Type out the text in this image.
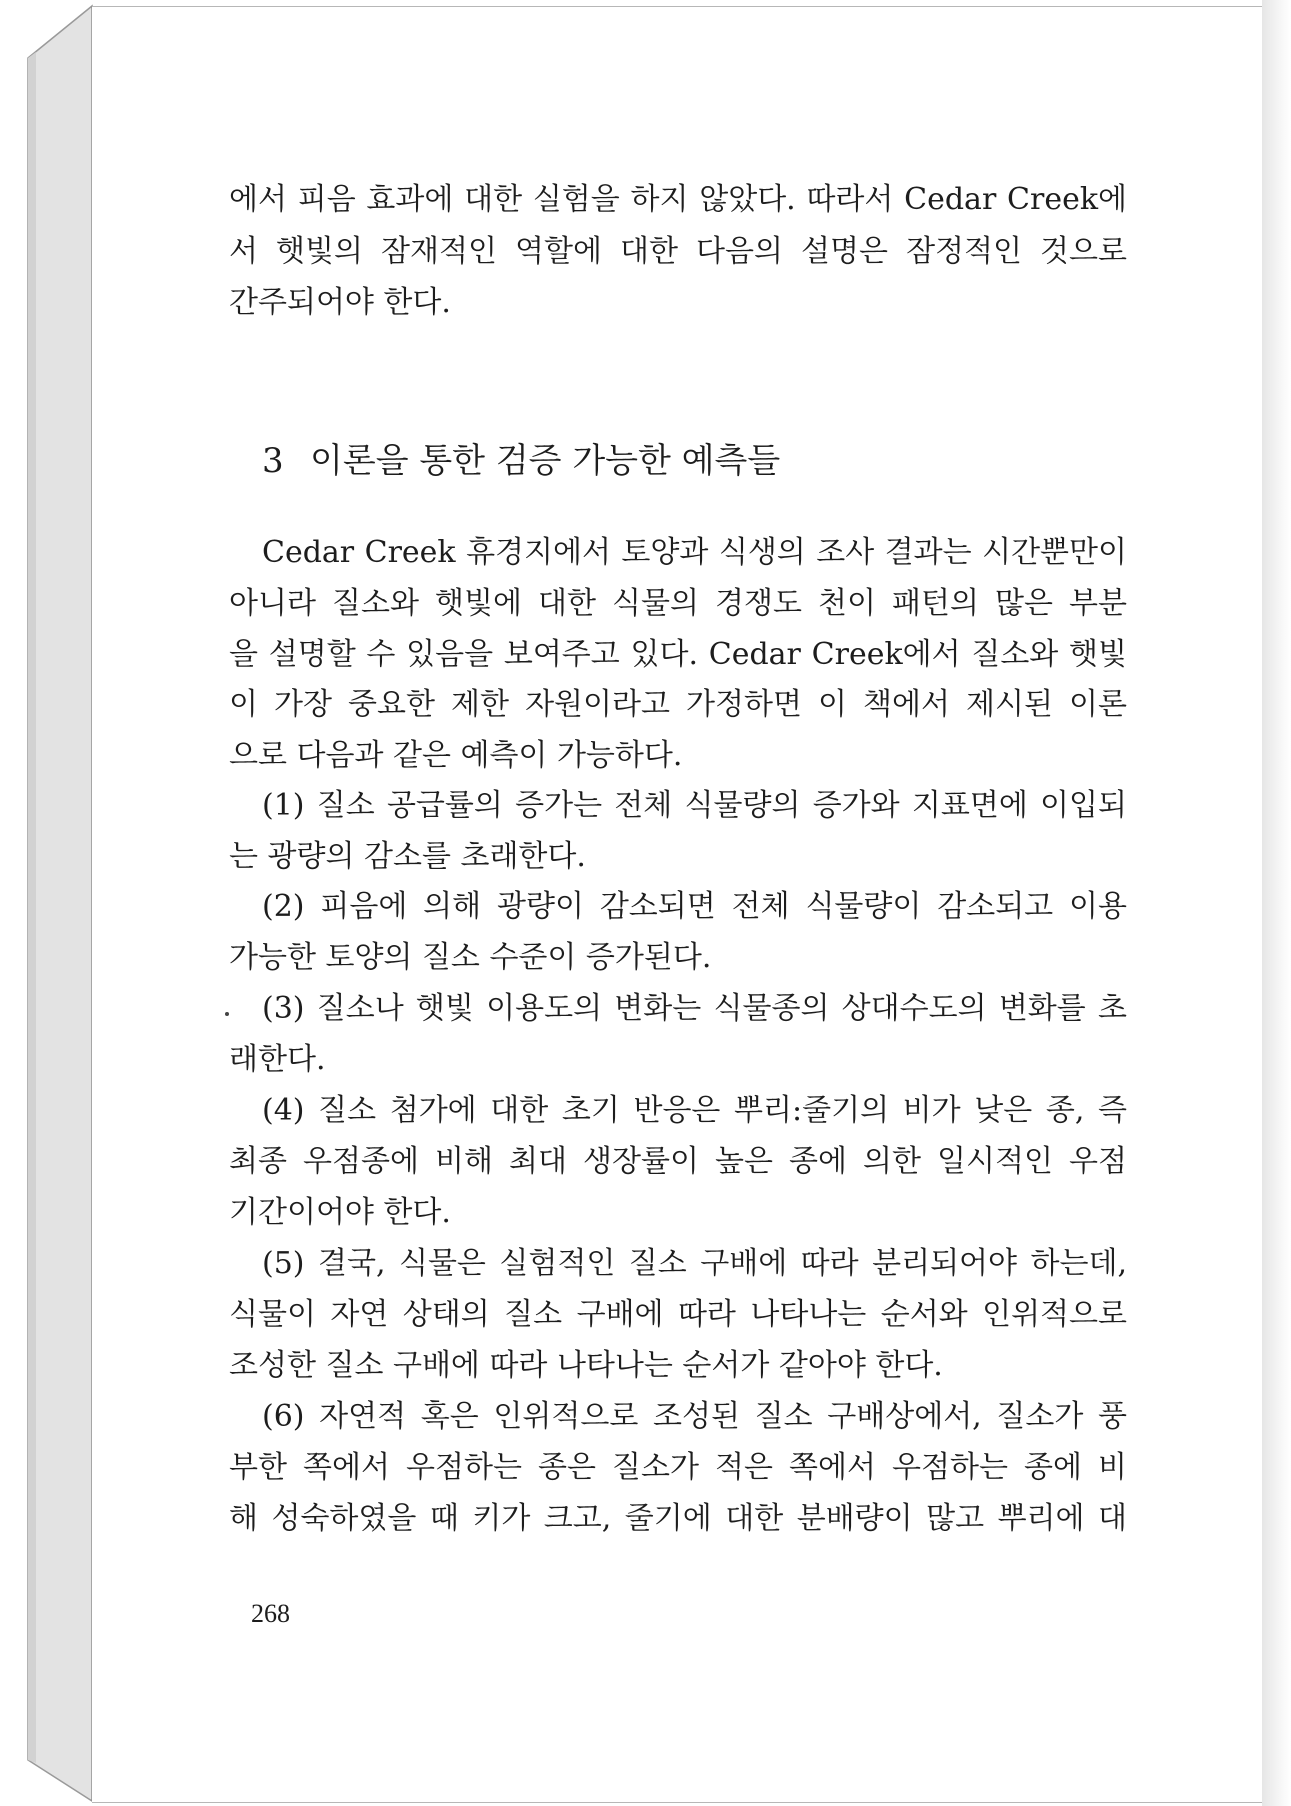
에서 피음 효과에 대한 실험을 하지 않았다. 따라서 Cedar Creek에
서 햇빛의 잠재적인 역할에 대한 다음의 설명은 잠정적인 것으로
간주되어야 한다.
3 이론을 통한 검증 가능한 예측들
Cedar Creek 휴경지에서 토양과 식생의 조사 결과는 시간뿐만이
아니라 질소와 햇빛에 대한 식물의 경쟁도 천이 패턴의 많은 부분
을 설명할 수 있음을 보여주고 있다. Cedar Creek에서 질소와 햇빛
이 가장 중요한 제한 자원이라고 가정하면 이 책에서 제시된 이론
으로 다음과 같은 예측이 가능하다.
(1) 질소 공급률의 증가는 전체 식물량의 증가와 지표면에 이입되
는 광량의 감소를 초래한다.
(2) 피음에 의해 광량이 감소되면 전체 식물량이 감소되고 이용
가능한 토양의 질소 수준이 증가된다.
(3) 질소나 햇빛 이용도의 변화는 식물종의 상대수도의 변화를 초
래한다.
(4) 질소 첨가에 대한 초기 반응은 뿌리:줄기의 비가 낮은 종, 즉
최종 우점종에 비해 최대 생장률이 높은 종에 의한 일시적인 우점
기간이어야 한다.
(5) 결국, 식물은 실험적인 질소 구배에 따라 분리되어야 하는데,
식물이 자연 상태의 질소 구배에 따라 나타나는 순서와 인위적으로
조성한 질소 구배에 따라 나타나는 순서가 같아야 한다.
(6) 자연적 혹은 인위적으로 조성된 질소 구배상에서, 질소가 풍
부한 쪽에서 우점하는 종은 질소가 적은 쪽에서 우점하는 종에 비
해 성숙하였을 때 키가 크고, 줄기에 대한 분배량이 많고 뿌리에 대
268
